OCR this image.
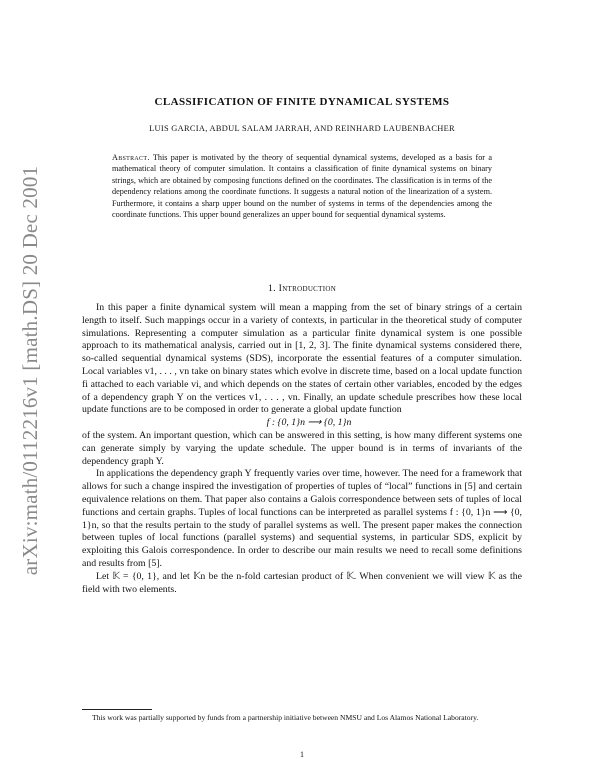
arXiv:math/0112216v1 [math.DS] 20 Dec 2001
CLASSIFICATION OF FINITE DYNAMICAL SYSTEMS
LUIS GARCIA, ABDUL SALAM JARRAH, AND REINHARD LAUBENBACHER
Abstract. This paper is motivated by the theory of sequential dynamical systems, developed as a basis for a mathematical theory of computer simulation. It contains a classification of finite dynamical systems on binary strings, which are obtained by composing functions defined on the coordinates. The classification is in terms of the dependency relations among the coordinate functions. It suggests a natural notion of the linearization of a system. Furthermore, it contains a sharp upper bound on the number of systems in terms of the dependencies among the coordinate functions. This upper bound generalizes an upper bound for sequential dynamical systems.
1. Introduction

In this paper a finite dynamical system will mean a mapping from the set of binary strings of a certain length to itself. Such mappings occur in a variety of contexts, in particular in the theoretical study of computer simulations. Representing a computer simulation as a particular finite dynamical system is one possible approach to its mathematical analysis, carried out in [1, 2, 3]. The finite dynamical systems considered there, so-called sequential dynamical systems (SDS), incorporate the essential features of a computer simulation. Local variables v1, . . . , vn take on binary states which evolve in discrete time, based on a local update function fi attached to each variable vi, and which depends on the states of certain other variables, encoded by the edges of a dependency graph Y on the vertices v1, . . . , vn. Finally, an update schedule prescribes how these local update functions are to be composed in order to generate a global update function

f : {0, 1}n ⟶ {0, 1}n

of the system. An important question, which can be answered in this setting, is how many different systems one can generate simply by varying the update schedule. The upper bound is in terms of invariants of the dependency graph Y.

In applications the dependency graph Y frequently varies over time, however. The need for a framework that allows for such a change inspired the investigation of properties of tuples of “local” functions in [5] and certain equivalence relations on them. That paper also contains a Galois correspondence between sets of tuples of local functions and certain graphs. Tuples of local functions can be interpreted as parallel systems f : {0, 1}n ⟶ {0, 1}n, so that the results pertain to the study of parallel systems as well. The present paper makes the connection between tuples of local functions (parallel systems) and sequential systems, in particular SDS, explicit by exploiting this Galois correspondence. In order to describe our main results we need to recall some definitions and results from [5].

Let 𝕂 = {0, 1}, and let 𝕂n be the n-fold cartesian product of 𝕂. When convenient we will view 𝕂 as the field with two elements.

This work was partially supported by funds from a partnership initiative between NMSU and Los Alamos National Laboratory.
1
